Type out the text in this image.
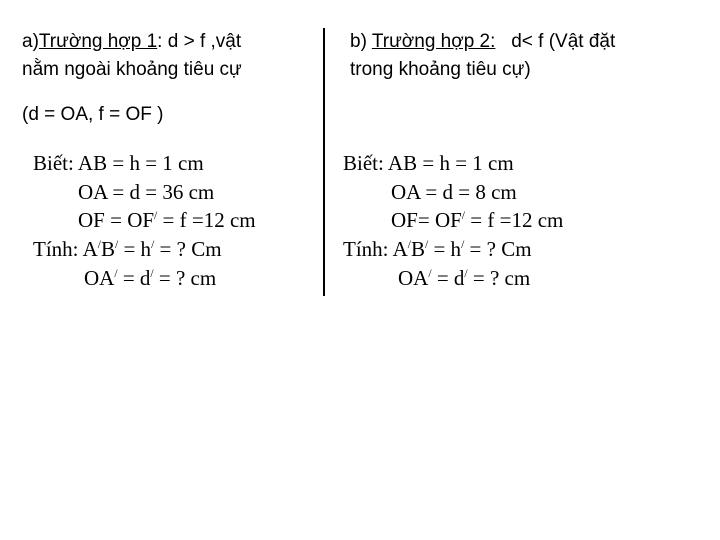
a)Trường hợp 1: d > f ,vật
nằm ngoài khoảng tiêu cự
(d = OA, f = OF )
Biết: AB = h = 1 cm
OA = d = 36 cm
OF = OF/ = f =12 cm
Tính: A/B/ = h/ = ? Cm
OA/ = d/ = ? cm
b) Trường hợp 2:   d< f (Vật đặt
trong khoảng tiêu cự)
Biết: AB = h = 1 cm
OA = d = 8 cm
OF= OF/ = f =12 cm
Tính: A/B/ = h/ = ? Cm
OA/ = d/ = ? cm
